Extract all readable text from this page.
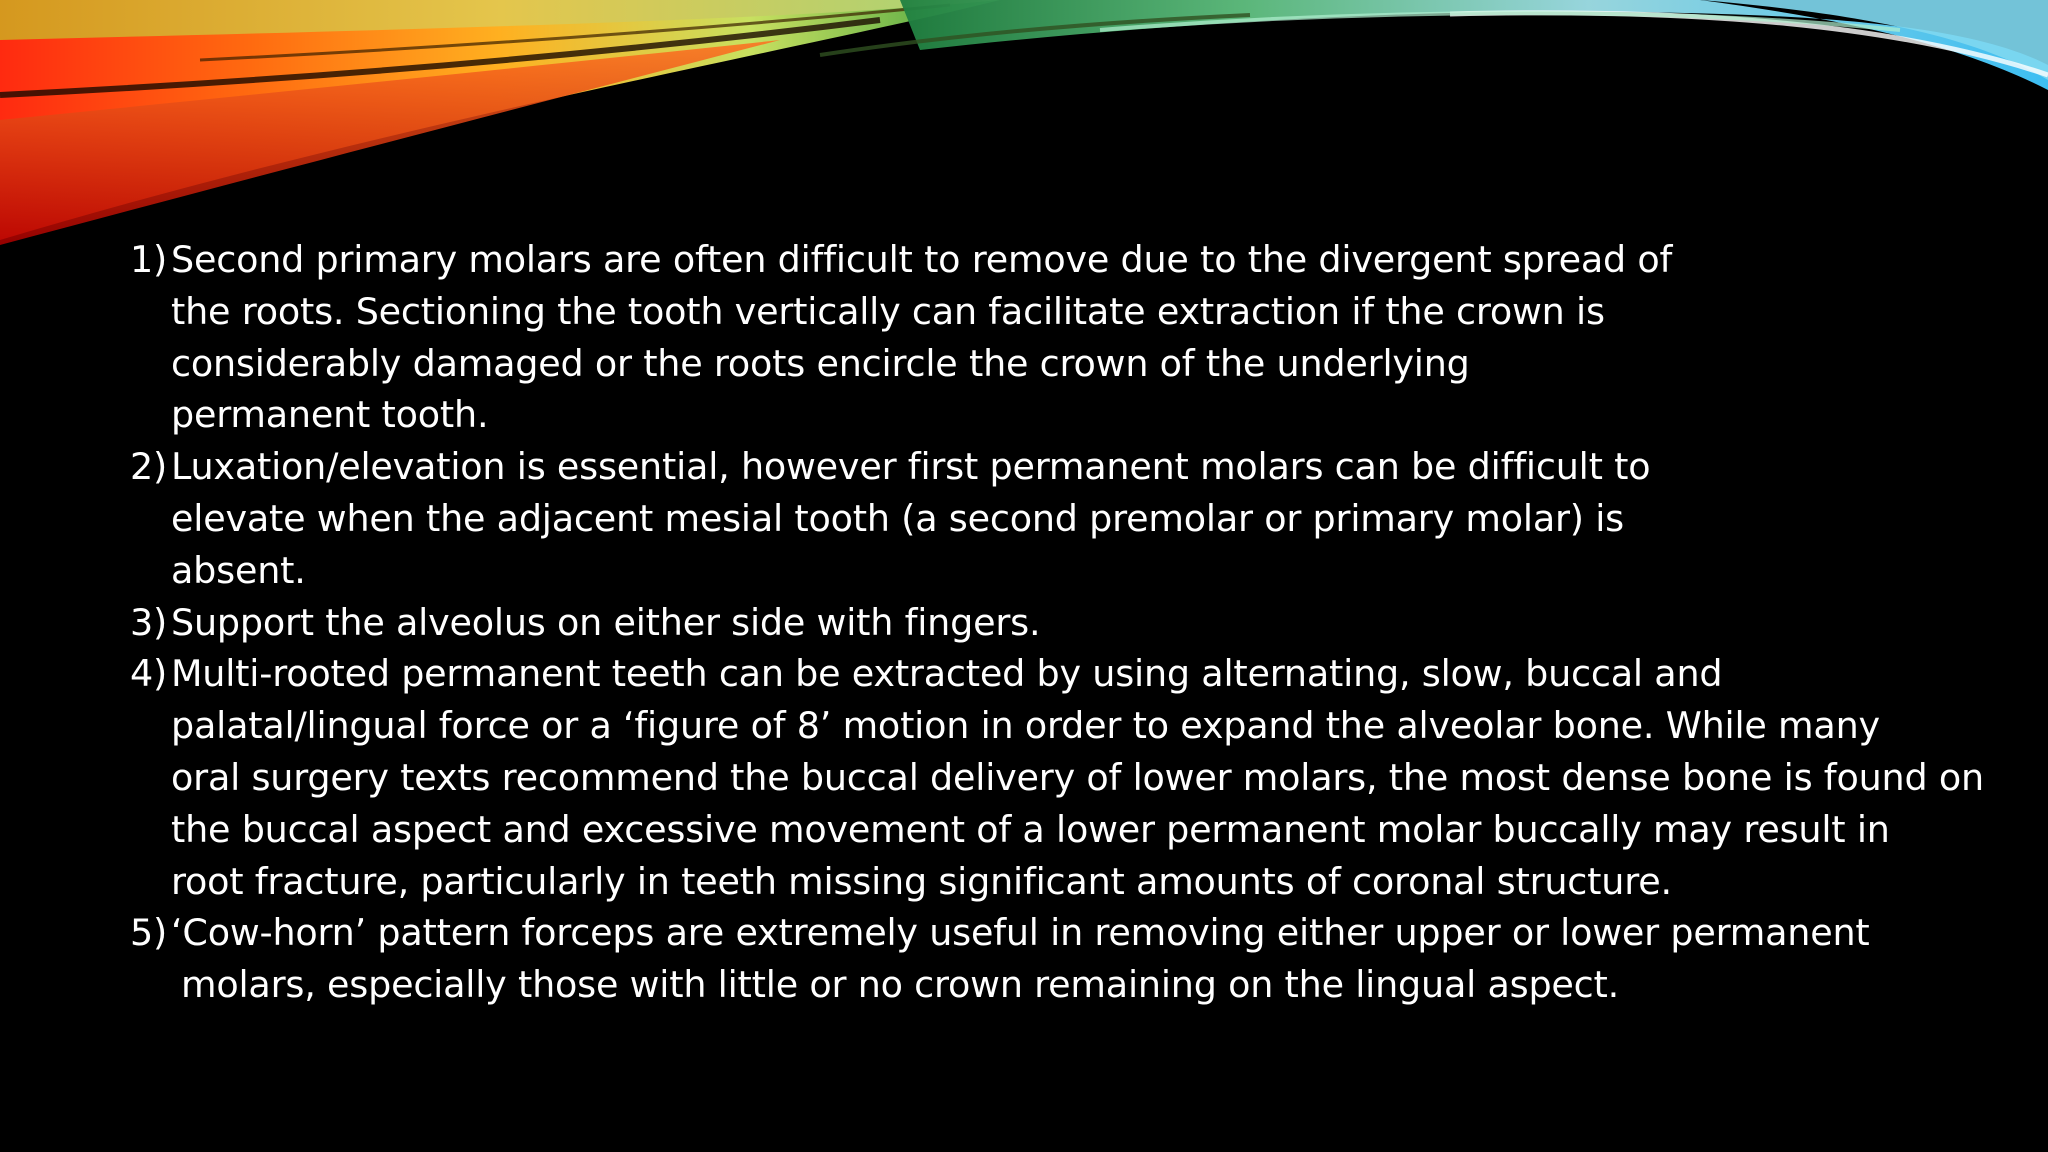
1) Second primary molars are often difficult to remove due to the divergent spread of
the roots. Sectioning the tooth vertically can facilitate extraction if the crown is
considerably damaged or the roots encircle the crown of the underlying
permanent tooth.
2) Luxation/elevation is essential, however first permanent molars can be difficult to
elevate when the adjacent mesial tooth (a second premolar or primary molar) is
absent.
3) Support the alveolus on either side with fingers.
4) Multi-rooted permanent teeth can be extracted by using alternating, slow, buccal and
palatal/lingual force or a ‘figure of 8’ motion in order to expand the alveolar bone. While many
oral surgery texts recommend the buccal delivery of lower molars, the most dense bone is found on
the buccal aspect and excessive movement of a lower permanent molar buccally may result in
root fracture, particularly in teeth missing significant amounts of coronal structure.
5) ‘Cow-horn’ pattern forceps are extremely useful in removing either upper or lower permanent
molars, especially those with little or no crown remaining on the lingual aspect.
